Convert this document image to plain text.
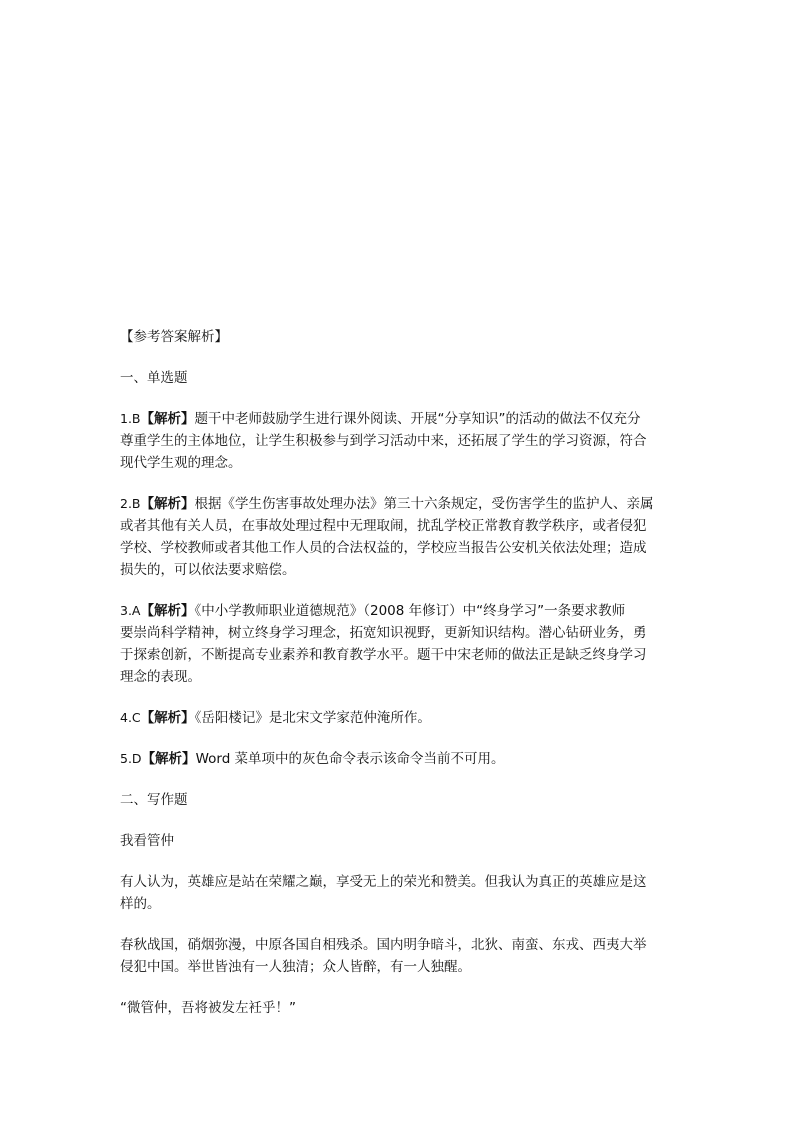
【参考答案解析】

一、单选题

1.B【解析】题干中老师鼓励学生进行课外阅读、开展“分享知识”的活动的做法不仅充分

尊重学生的主体地位，让学生积极参与到学习活动中来，还拓展了学生的学习资源，符合

现代学生观的理念。

2.B【解析】根据《学生伤害事故处理办法》第三十六条规定，受伤害学生的监护人、亲属

或者其他有关人员，在事故处理过程中无理取闹，扰乱学校正常教育教学秩序，或者侵犯

学校、学校教师或者其他工作人员的合法权益的，学校应当报告公安机关依法处理；造成

损失的，可以依法要求赔偿。

3.A【解析】《中小学教师职业道德规范》（2008 年修订）中“终身学习”一条要求教师

要崇尚科学精神，树立终身学习理念，拓宽知识视野，更新知识结构。潜心钻研业务，勇

于探索创新，不断提高专业素养和教育教学水平。题干中宋老师的做法正是缺乏终身学习

理念的表现。

4.C【解析】《岳阳楼记》是北宋文学家范仲淹所作。

5.D【解析】Word 菜单项中的灰色命令表示该命令当前不可用。

二、写作题

我看管仲

有人认为，英雄应是站在荣耀之巅，享受无上的荣光和赞美。但我认为真正的英雄应是这

样的。

春秋战国，硝烟弥漫，中原各国自相残杀。国内明争暗斗，北狄、南蛮、东戎、西夷大举

侵犯中国。举世皆浊有一人独清；众人皆醉，有一人独醒。

“微管仲，吾将被发左衽乎！”
